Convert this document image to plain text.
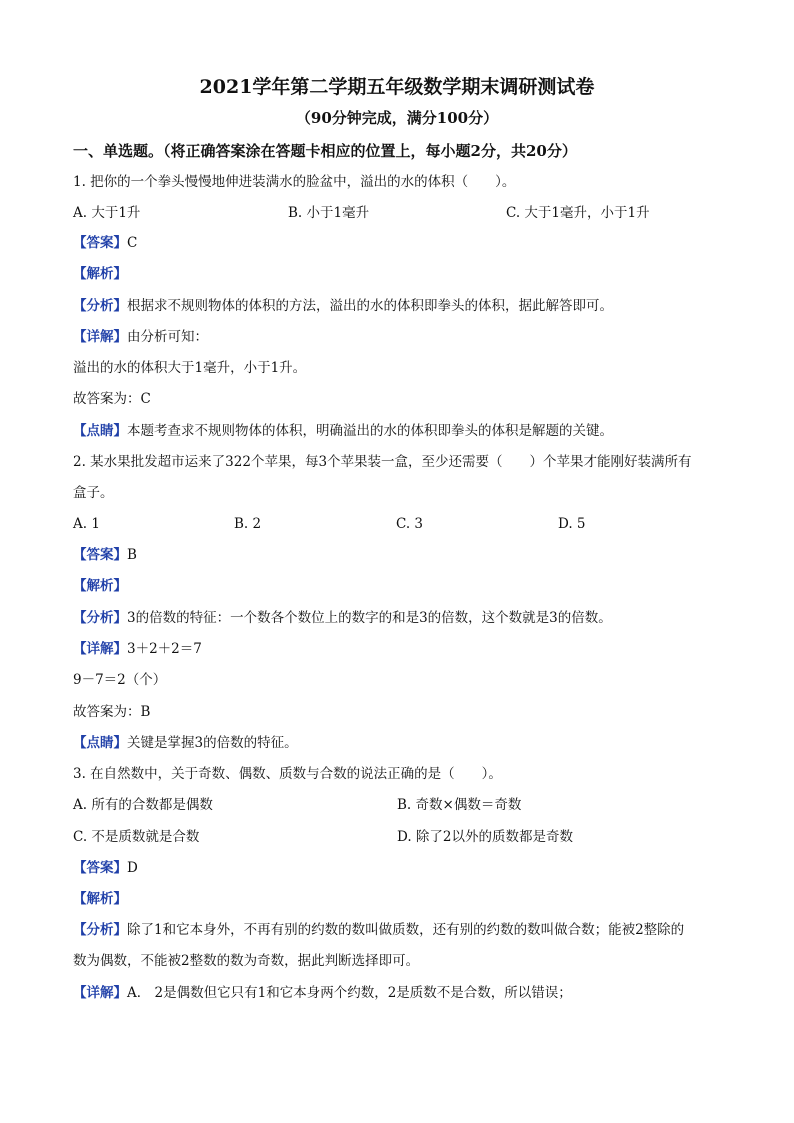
2021学年第二学期五年级数学期末调研测试卷
（90分钟完成，满分100分）
一、单选题。（将正确答案涂在答题卡相应的位置上，每小题2分，共20分）
1. 把你的一个拳头慢慢地伸进装满水的脸盆中，溢出的水的体积（　　）。
A. 大于1升	B. 小于1毫升	C. 大于1毫升，小于1升
【答案】C
【解析】
【分析】根据求不规则物体的体积的方法，溢出的水的体积即拳头的体积，据此解答即可。
【详解】由分析可知：
溢出的水的体积大于1毫升，小于1升。
故答案为：C
【点睛】本题考查求不规则物体的体积，明确溢出的水的体积即拳头的体积是解题的关键。
2. 某水果批发超市运来了322个苹果，每3个苹果装一盒，至少还需要（　　）个苹果才能刚好装满所有
盒子。
A. 1	B. 2	C. 3	D. 5
【答案】B
【解析】
【分析】3的倍数的特征：一个数各个数位上的数字的和是3的倍数，这个数就是3的倍数。
【详解】3＋2＋2＝7
9－7＝2（个）
故答案为：B
【点睛】关键是掌握3的倍数的特征。
3. 在自然数中，关于奇数、偶数、质数与合数的说法正确的是（　　）。
A. 所有的合数都是偶数	B. 奇数×偶数＝奇数
C. 不是质数就是合数	D. 除了2以外的质数都是奇数
【答案】D
【解析】
【分析】除了1和它本身外，不再有别的约数的数叫做质数，还有别的约数的数叫做合数；能被2整除的
数为偶数，不能被2整数的数为奇数，据此判断选择即可。
【详解】A． 2是偶数但它只有1和它本身两个约数，2是质数不是合数，所以错误；
